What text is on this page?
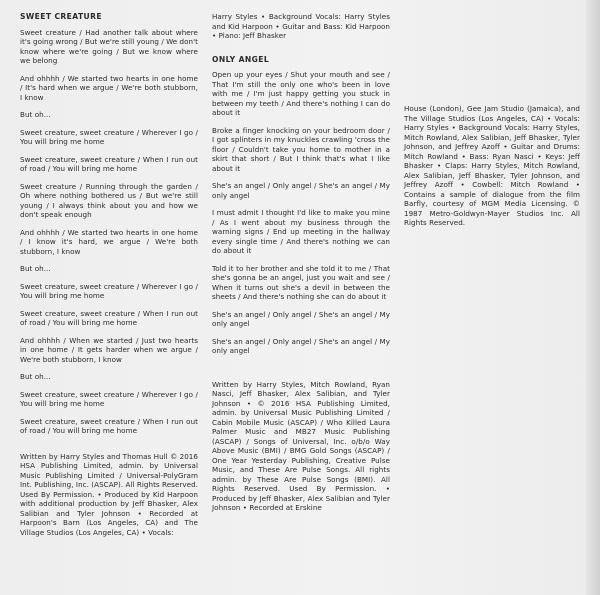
SWEET CREATURE

Sweet creature / Had another talk about where it's going wrong / But we're still young / We don't know where we're going / But we know where we belong

And ohhhh / We started two hearts in one home / It's hard when we argue / We're both stubborn, I know

But oh...

Sweet creature, sweet creature / Wherever I go / You will bring me home

Sweet creature, sweet creature / When I run out of road / You will bring me home

Sweet creature / Running through the garden / Oh where nothing bothered us / But we're still young / I always think about you and how we don't speak enough

And ohhhh / We started two hearts in one home / I know it's hard, we argue / We're both stubborn, I know

But oh...

Sweet creature, sweet creature / Wherever I go / You will bring me home

Sweet creature, sweet creature / When I run out of road / You will bring me home

And ohhhh / When we started / Just two hearts in one home / It gets harder when we argue / We're both stubborn, I know

But oh...

Sweet creature, sweet creature / Wherever I go / You will bring me home

Sweet creature, sweet creature / When I run out of road / You will bring me home

Written by Harry Styles and Thomas Hull © 2016 HSA Publishing Limited, admin. by Universal Music Publishing Limited / Universal-PolyGram Int. Publishing, Inc. (ASCAP). All Rights Reserved. Used By Permission. • Produced by Kid Harpoon with additional production by Jeff Bhasker, Alex Salibian and Tyler Johnson • Recorded at Harpoon's Barn (Los Angeles, CA) and The Village Studios (Los Angeles, CA) • Vocals:

Harry Styles • Background Vocals: Harry Styles and Kid Harpoon • Guitar and Bass: Kid Harpoon • Piano: Jeff Bhasker

ONLY ANGEL

Open up your eyes / Shut your mouth and see / That I'm still the only one who's been in love with me / I'm just happy getting you stuck in between my teeth / And there's nothing I can do about it

Broke a finger knocking on your bedroom door / I got splinters in my knuckles crawling 'cross the floor / Couldn't take you home to mother in a skirt that short / But I think that's what I like about it

She's an angel / Only angel / She's an angel / My only angel

I must admit I thought I'd like to make you mine / As I went about my business through the warning signs / End up meeting in the hallway every single time / And there's nothing we can do about it

Told it to her brother and she told it to me / That she's gonna be an angel, just you wait and see / When it turns out she's a devil in between the sheets / And there's nothing she can do about it

She's an angel / Only angel / She's an angel / My only angel

She's an angel / Only angel / She's an angel / My only angel

Written by Harry Styles, Mitch Rowland, Ryan Nasci, Jeff Bhasker, Alex Salibian, and Tyler Johnson • © 2016 HSA Publishing Limited, admin. by Universal Music Publishing Limited / Cabin Mobile Music (ASCAP) / Who Killed Laura Palmer Music and MB27 Music Publishing (ASCAP) / Songs of Universal, Inc. o/b/o Way Above Music (BMI) / BMG Gold Songs (ASCAP) / One Year Yesterday Publishing, Creative Pulse Music, and These Are Pulse Songs. All rights admin. by These Are Pulse Songs (BMI). All Rights Reserved. Used By Permission. • Produced by Jeff Bhasker, Alex Salibian and Tyler Johnson • Recorded at Erskine

House (London), Gee Jam Studio (Jamaica), and The Village Studios (Los Angeles, CA) • Vocals: Harry Styles • Background Vocals: Harry Styles, Mitch Rowland, Alex Salibian, Jeff Bhasker, Tyler Johnson, and Jeffrey Azoff • Guitar and Drums: Mitch Rowland • Bass: Ryan Nasci • Keys: Jeff Bhasker • Claps: Harry Styles, Mitch Rowland, Alex Salibian, Jeff Bhasker, Tyler Johnson, and Jeffrey Azoff • Cowbell: Mitch Rowland • Contains a sample of dialogue from the film Barfly, courtesy of MGM Media Licensing. © 1987 Metro-Goldwyn-Mayer Studios Inc. All Rights Reserved.
